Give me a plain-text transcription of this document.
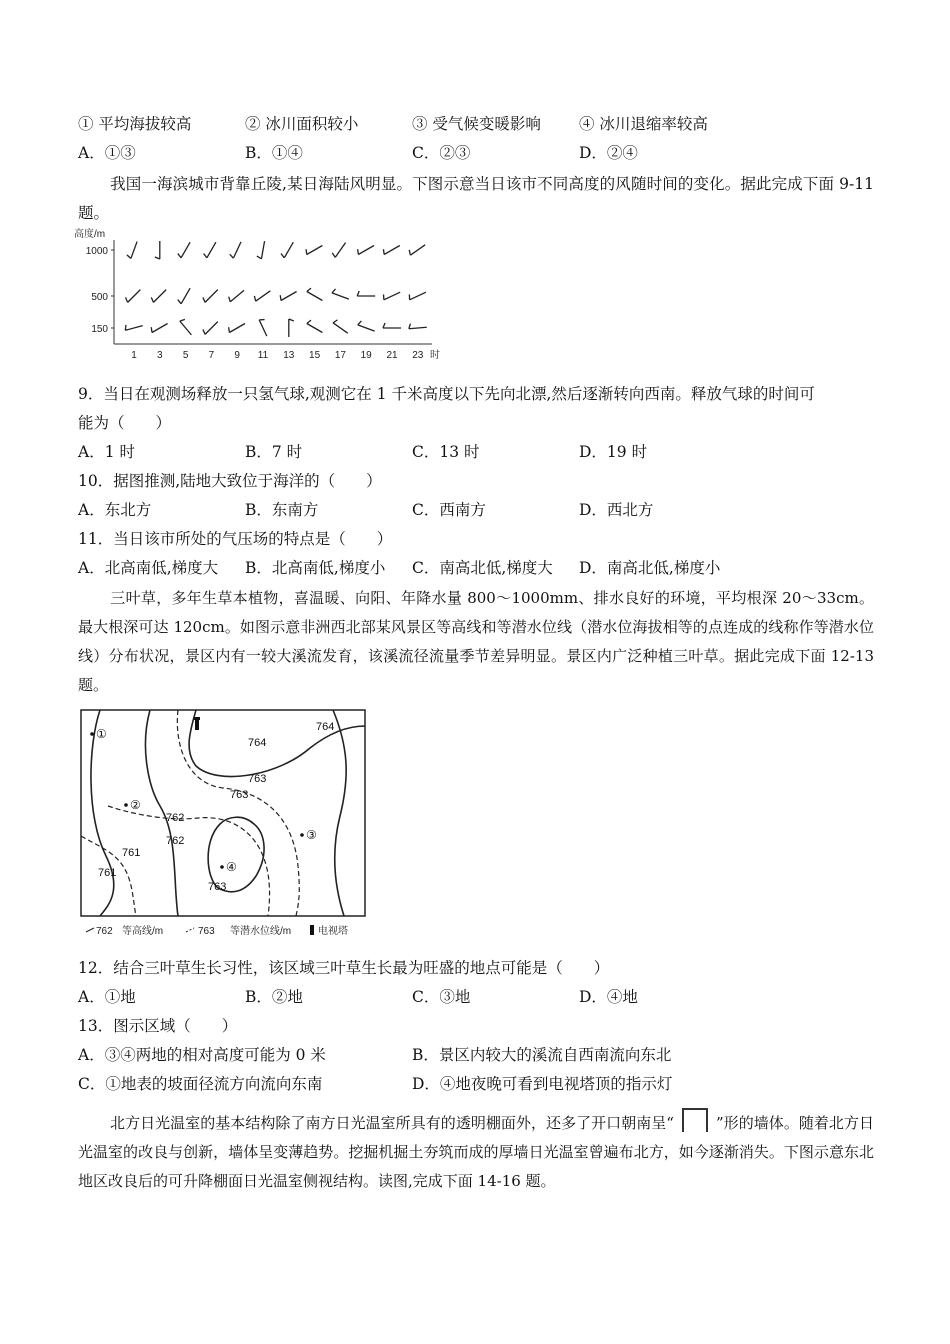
① 平均海拔较高	② 冰川面积较小	③ 受气候变暖影响 ④ 冰川退缩率较高
A．①③	B．①④	C．②③	D．②④
我国一海滨城市背靠丘陵,某日海陆风明显。下图示意当日该市不同高度的风随时间的变化。据此完成下面 9-11 题。
高度/m
1000
500
150
1 3 5 7 9 11 13 15 17 19 21 23 时
9．当日在观测场释放一只氢气球,观测它在 1 千米高度以下先向北漂,然后逐渐转向西南。释放气球的时间可
能为（　　）
A．1 时	B．7 时	C．13 时	D．19 时
10．据图推测,陆地大致位于海洋的（　　）
A．东北方	B．东南方	C．西南方	D．西北方
11．当日该市所处的气压场的特点是（　　）
A．北高南低,梯度大 B．北高南低,梯度小 C．南高北低,梯度大 D．南高北低,梯度小
三叶草，多年生草本植物，喜温暖、向阳、年降水量 800～1000mm、排水良好的环境，平均根深 20～33cm。最大根深可达 120cm。如图示意非洲西北部某风景区等高线和等潜水位线（潜水位海拔相等的点连成的线称作等潜水位线）分布状况，景区内有一较大溪流发育，该溪流径流量季节差异明显。景区内广泛种植三叶草。据此完成下面 12-13 题。
764
764
763
763
762
762
761
761
763
①
②
③
④
762 等高线/m	763 等潜水位线/m	电视塔
12．结合三叶草生长习性，该区域三叶草生长最为旺盛的地点可能是（　　）
A．①地	B．②地	C．③地	D．④地
13．图示区域（　　）
A．③④两地的相对高度可能为 0 米	B．景区内较大的溪流自西南流向东北
C．①地表的坡面径流方向流向东南	D．④地夜晚可看到电视塔顶的指示灯
北方日光温室的基本结构除了南方日光温室所具有的透明棚面外，还多了开口朝南呈“	”形的墙体。随着北方日光温室的改良与创新，墙体呈变薄趋势。挖掘机掘土夯筑而成的厚墙日光温室曾遍布北方，如今逐渐消失。下图示意东北地区改良后的可升降棚面日光温室侧视结构。读图,完成下面 14-16 题。
